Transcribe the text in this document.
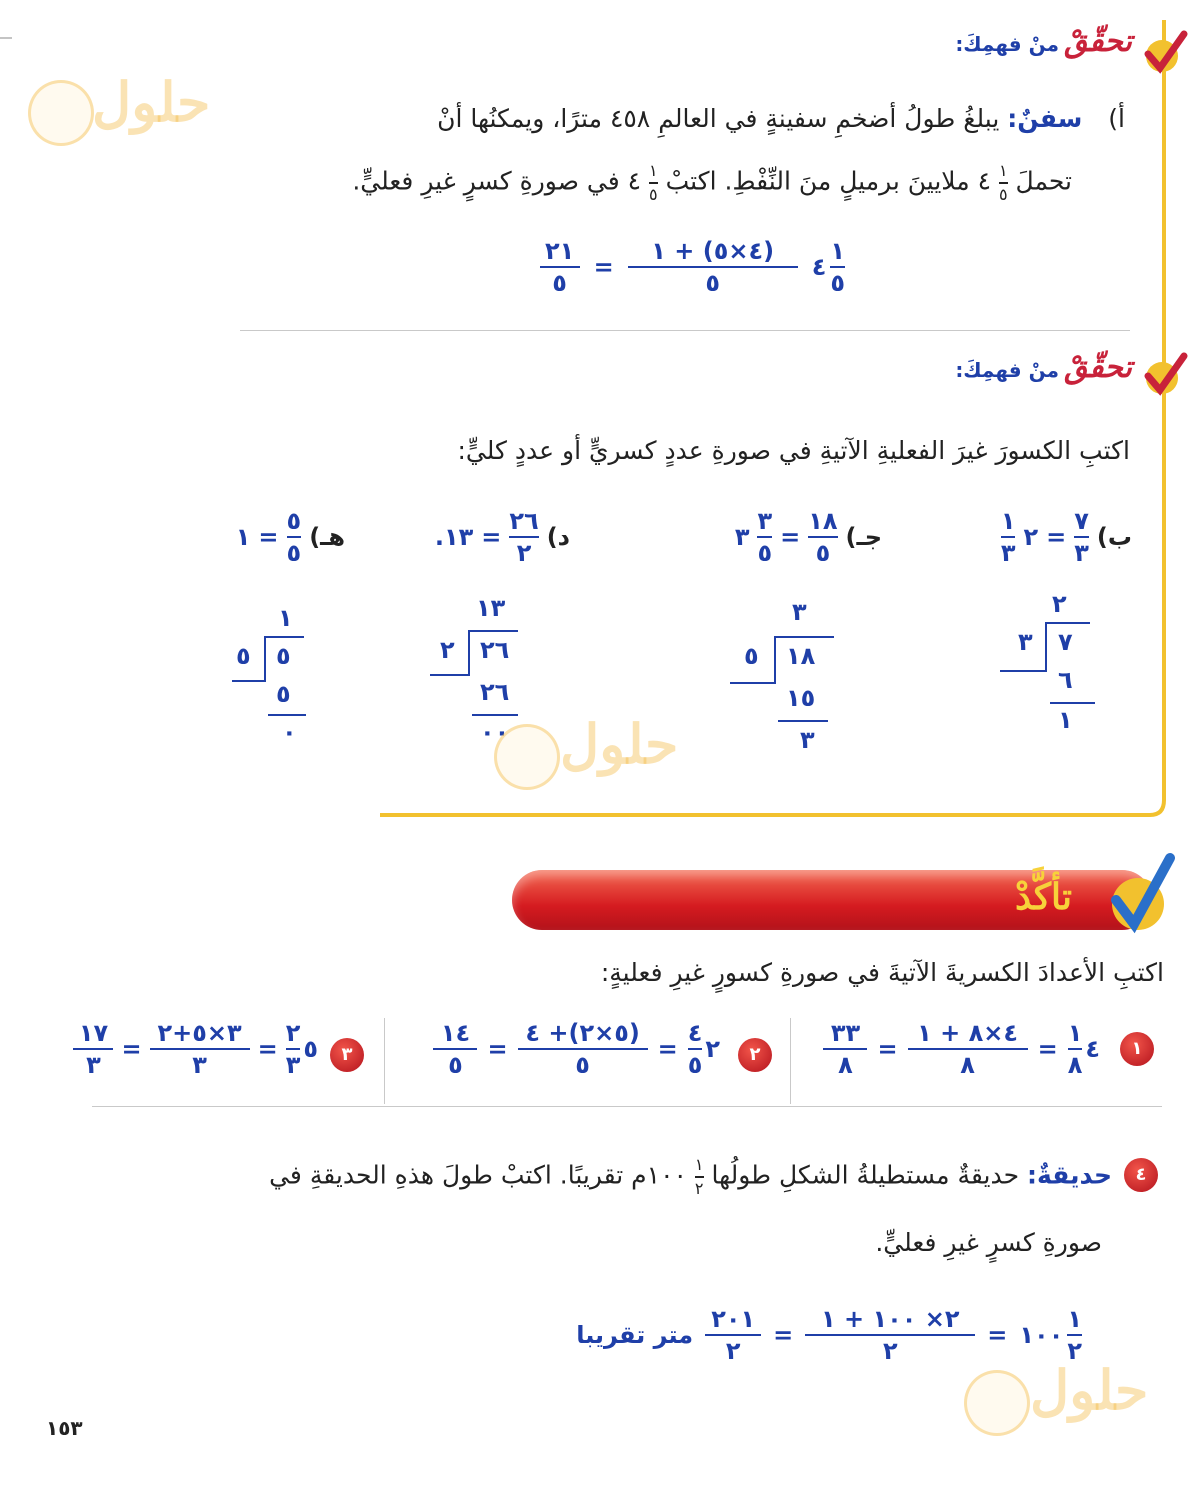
تحقّقْ منْ فهمِكَ:
حلول	أ) سفنٌ: يبلغُ طولُ أضخمِ سفينةٍ في العالمِ ٤٥٨ مترًا، ويمكنُها أنْ
تحملَ
$\frac{١}{٥}$
٤ ملايينَ برميلٍ منَ النِّفْطِ. اكتبْ
$\frac{١}{٥}$
٤ في صورةِ كسرٍ غيرِ فعليٍّ.
$\frac{١}{٥}$
٤
$\frac{(٤\times ٥) + ١}{٥}$
=
$\frac{٢١}{٥}$
تحقّقْ منْ فهمِكَ:
اكتبِ الكسورَ غيرَ الفعليةِ الآتيةِ في صورةِ عددٍ كسريٍّ أو عددٍ كليٍّ:
ب)
$\frac{٧}{٣}$
=
٢
$\frac{١}{٣}$
جـ)
$\frac{١٨}{٥}$
=
$\frac{٣}{٥}$
٣
د)
$\frac{٢٦}{٢}$
=
١٣.
هـ)
$\frac{٥}{٥}$
=
١
٢
٣ ٧
٦
١
٣
٥ ١٨
١٥
٣
١٣
٢ ٢٦
٢٦
٠٠
١
٥ ٥
٥
٠	حلول
تأكَّدْ
اكتبِ الأعدادَ الكسريةَ الآتيةَ في صورةِ كسورٍ غيرِ فعليةٍ:
١
٤
$\frac{١}{٨}$
=
$\frac{٤\times ٨ + ١}{٨}$
=
$\frac{٣٣}{٨}$
٢
٢
$\frac{٤}{٥}$
=
$\frac{(٥\times ٢)+ ٤}{٥}$
=
$\frac{١٤}{٥}$
٣
٥
$\frac{٢}{٣}$
=
$\frac{٣\times ٥+٢}{٣}$
=
$\frac{١٧}{٣}$
٤
حديقةٌ: حديقةٌ مستطيلةُ الشكلِ طولُها
$\frac{١}{٢}$
١٠٠م تقريبًا. اكتبْ طولَ هذهِ الحديقةِ في
صورةِ كسرٍ غيرِ فعليٍّ.
$\frac{١}{٢}$
١٠٠
=
$\frac{٢\times ١٠٠ + ١}{٢}$
=
$\frac{٢٠١}{٢}$
متر تقريبا
حلول
١٥٣
